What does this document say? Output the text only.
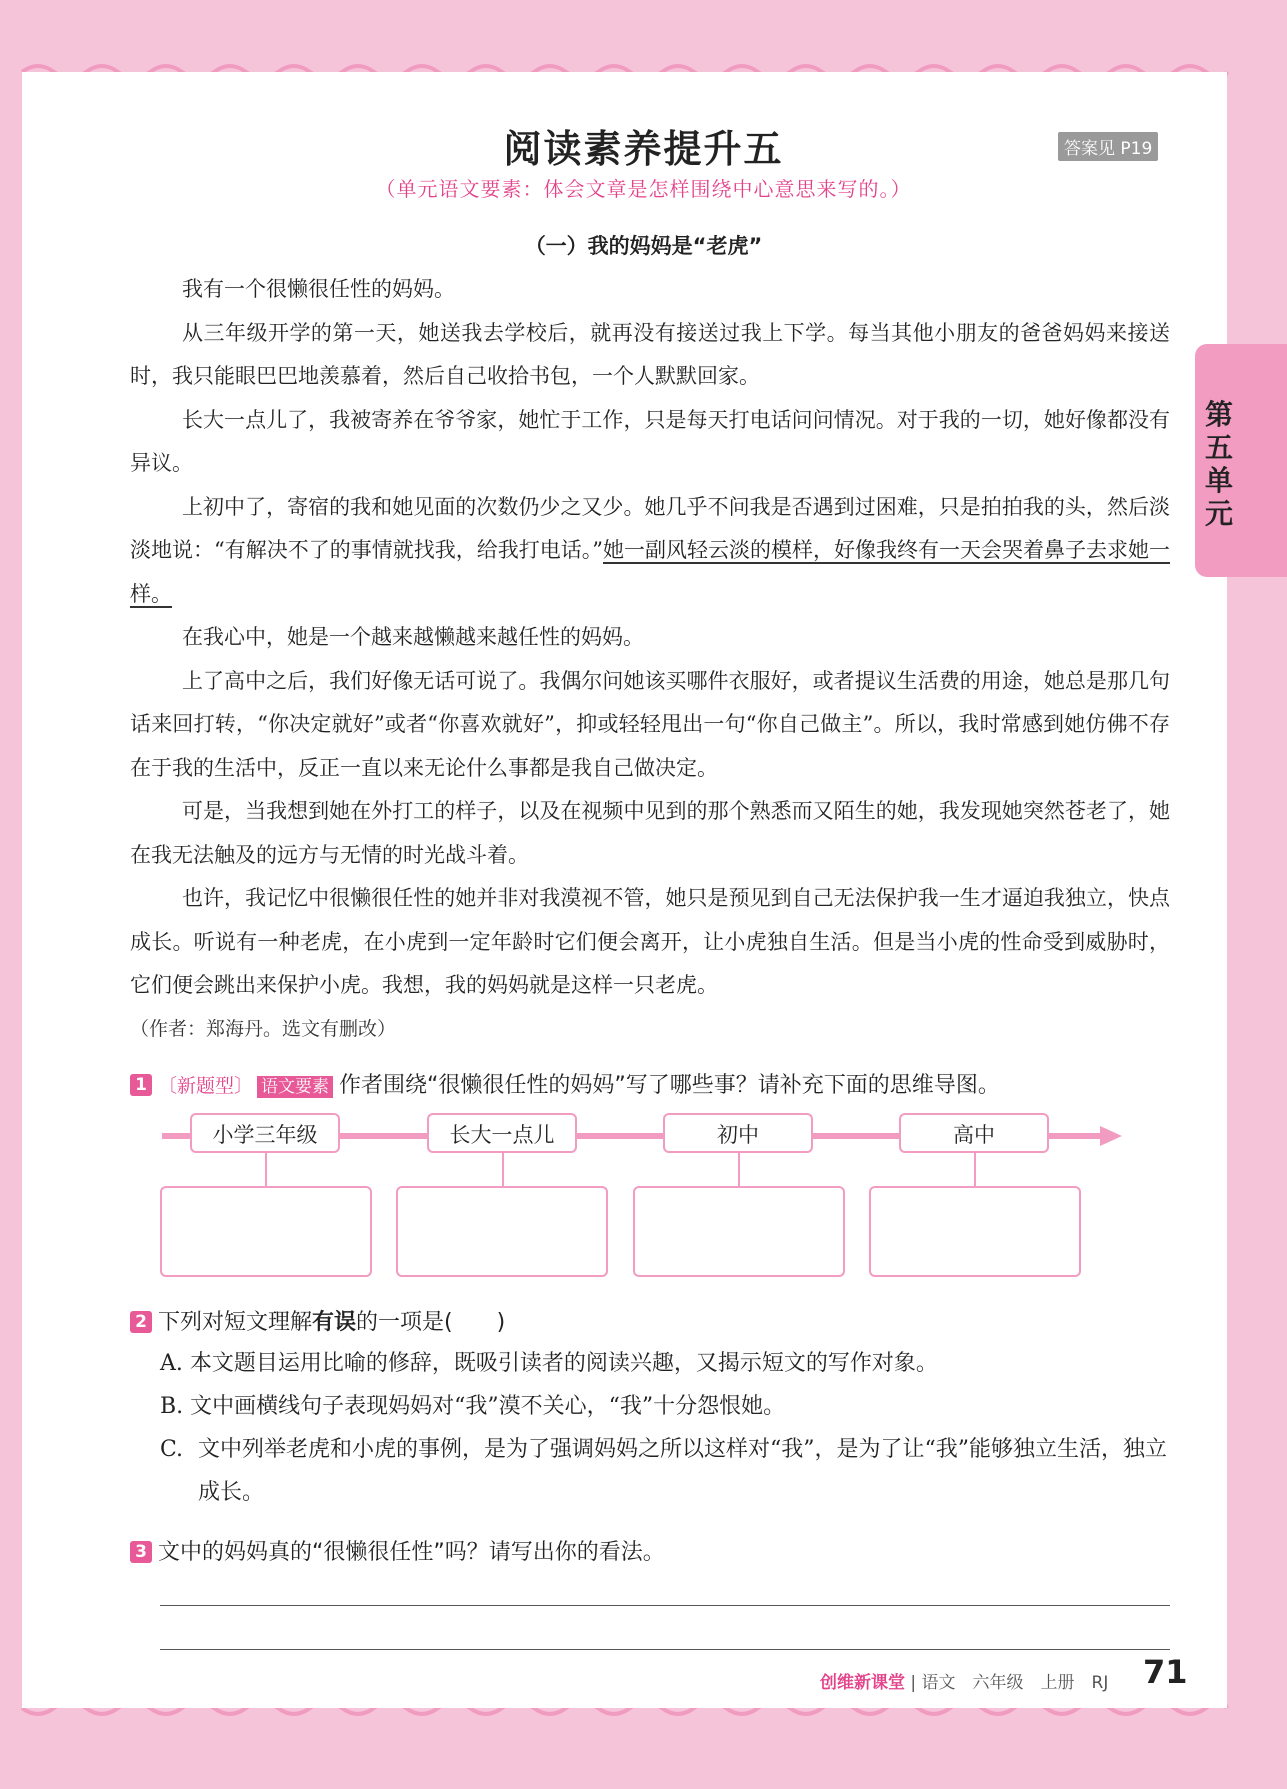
阅读素养提升五	答案见 P19
（单元语文要素：体会文章是怎样围绕中心意思来写的。）
第五单元
（一）我的妈妈是“老虎”

我有一个很懒很任性的妈妈。

从三年级开学的第一天，她送我去学校后，就再没有接送过我上下学。每当其他小朋友的爸爸妈妈来接送时，我只能眼巴巴地羡慕着，然后自己收拾书包，一个人默默回家。

长大一点儿了，我被寄养在爷爷家，她忙于工作，只是每天打电话问问情况。对于我的一切，她好像都没有异议。

上初中了，寄宿的我和她见面的次数仍少之又少。她几乎不问我是否遇到过困难，只是拍拍我的头，然后淡淡地说：“有解决不了的事情就找我，给我打电话。”她一副风轻云淡的模样，好像我终有一天会哭着鼻子去求她一样。

在我心中，她是一个越来越懒越来越任性的妈妈。

上了高中之后，我们好像无话可说了。我偶尔问她该买哪件衣服好，或者提议生活费的用途，她总是那几句话来回打转，“你决定就好”或者“你喜欢就好”，抑或轻轻甩出一句“你自己做主”。所以，我时常感到她仿佛不存在于我的生活中，反正一直以来无论什么事都是我自己做决定。

可是，当我想到她在外打工的样子，以及在视频中见到的那个熟悉而又陌生的她，我发现她突然苍老了，她在我无法触及的远方与无情的时光战斗着。

也许，我记忆中很懒很任性的她并非对我漠视不管，她只是预见到自己无法保护我一生才逼迫我独立，快点成长。听说有一种老虎，在小虎到一定年龄时它们便会离开，让小虎独自生活。但是当小虎的性命受到威胁时，它们便会跳出来保护小虎。我想，我的妈妈就是这样一只老虎。

（作者：郑海丹。选文有删改）

1 〔新题型〕 语文要素 作者围绕“很懒很任性的妈妈”写了哪些事？请补充下面的思维导图。
小学三年级	长大一点儿	初中	高中
2 下列对短文理解有误的一项是(　　)
A. 本文题目运用比喻的修辞，既吸引读者的阅读兴趣，又揭示短文的写作对象。
B. 文中画横线句子表现妈妈对“我”漠不关心，“我”十分怨恨她。
C. 文中列举老虎和小虎的事例，是为了强调妈妈之所以这样对“我”，是为了让“我”能够独立生活，独立成长。
3 文中的妈妈真的“很懒很任性”吗？请写出你的看法。
创维新课堂 | 语文　六年级　上册　RJ 71
